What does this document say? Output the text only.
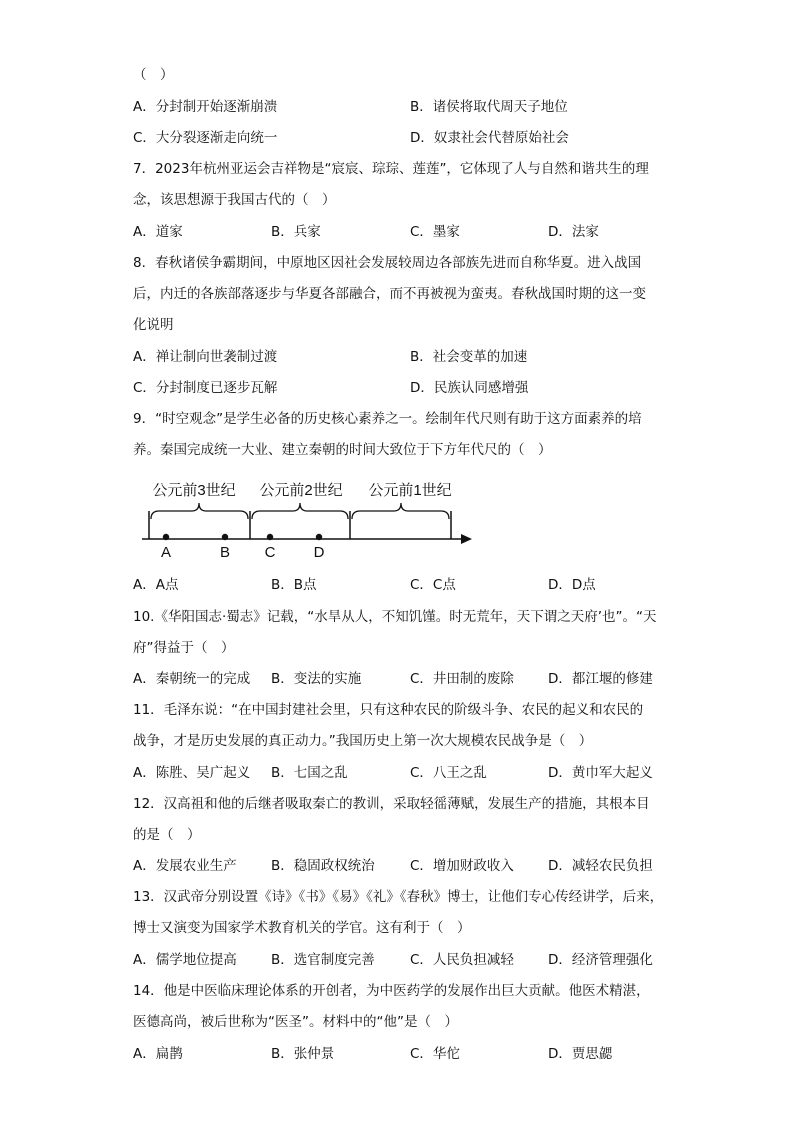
（　）
A．分封制开始逐渐崩溃	B．诸侯将取代周天子地位
C．大分裂逐渐走向统一	D．奴隶社会代替原始社会
7．2023年杭州亚运会吉祥物是“宸宸、琮琮、莲莲”，它体现了人与自然和谐共生的理
念，该思想源于我国古代的（　）
A．道家	B．兵家	C．墨家	D．法家
8．春秋诸侯争霸期间，中原地区因社会发展较周边各部族先进而自称华夏。进入战国
后，内迁的各族部落逐步与华夏各部融合，而不再被视为蛮夷。春秋战国时期的这一变
化说明
A．禅让制向世袭制过渡	B．社会变革的加速
C．分封制度已逐步瓦解	D．民族认同感增强
9．“时空观念”是学生必备的历史核心素养之一。绘制年代尺则有助于这方面素养的培
养。秦国完成统一大业、建立秦朝的时间大致位于下方年代尺的（　）
公元前3世纪 公元前2世纪 公元前1世纪
A	B C	D
A．A点	B．B点	C．C点	D．D点
10.《华阳国志·蜀志》记载，“水旱从人，不知饥馑。时无荒年，天下谓之天府’也”。“天
府”得益于（　）
A．秦朝统一的完成 B．变法的实施	C．井田制的废除	D．都江堰的修建
11．毛泽东说：“在中国封建社会里，只有这种农民的阶级斗争、农民的起义和农民的
战争，才是历史发展的真正动力。”我国历史上第一次大规模农民战争是（　）
A．陈胜、吴广起义 B．七国之乱	C．八王之乱	D．黄巾军大起义
12．汉高祖和他的后继者吸取秦亡的教训，采取轻徭薄赋，发展生产的措施，其根本目
的是（　）
A．发展农业生产	B．稳固政权统治	C．增加财政收入	D．减轻农民负担
13．汉武帝分别设置《诗》《书》《易》《礼》《春秋》博士，让他们专心传经讲学，后来，
博士又演变为国家学术教育机关的学官。这有利于（　）
A．儒学地位提高	B．选官制度完善	C．人民负担减轻	D．经济管理强化
14．他是中医临床理论体系的开创者，为中医药学的发展作出巨大贡献。他医术精湛，
医德高尚，被后世称为“医圣”。材料中的“他”是（　）
A．扁鹊	B．张仲景	C．华佗	D．贾思勰
